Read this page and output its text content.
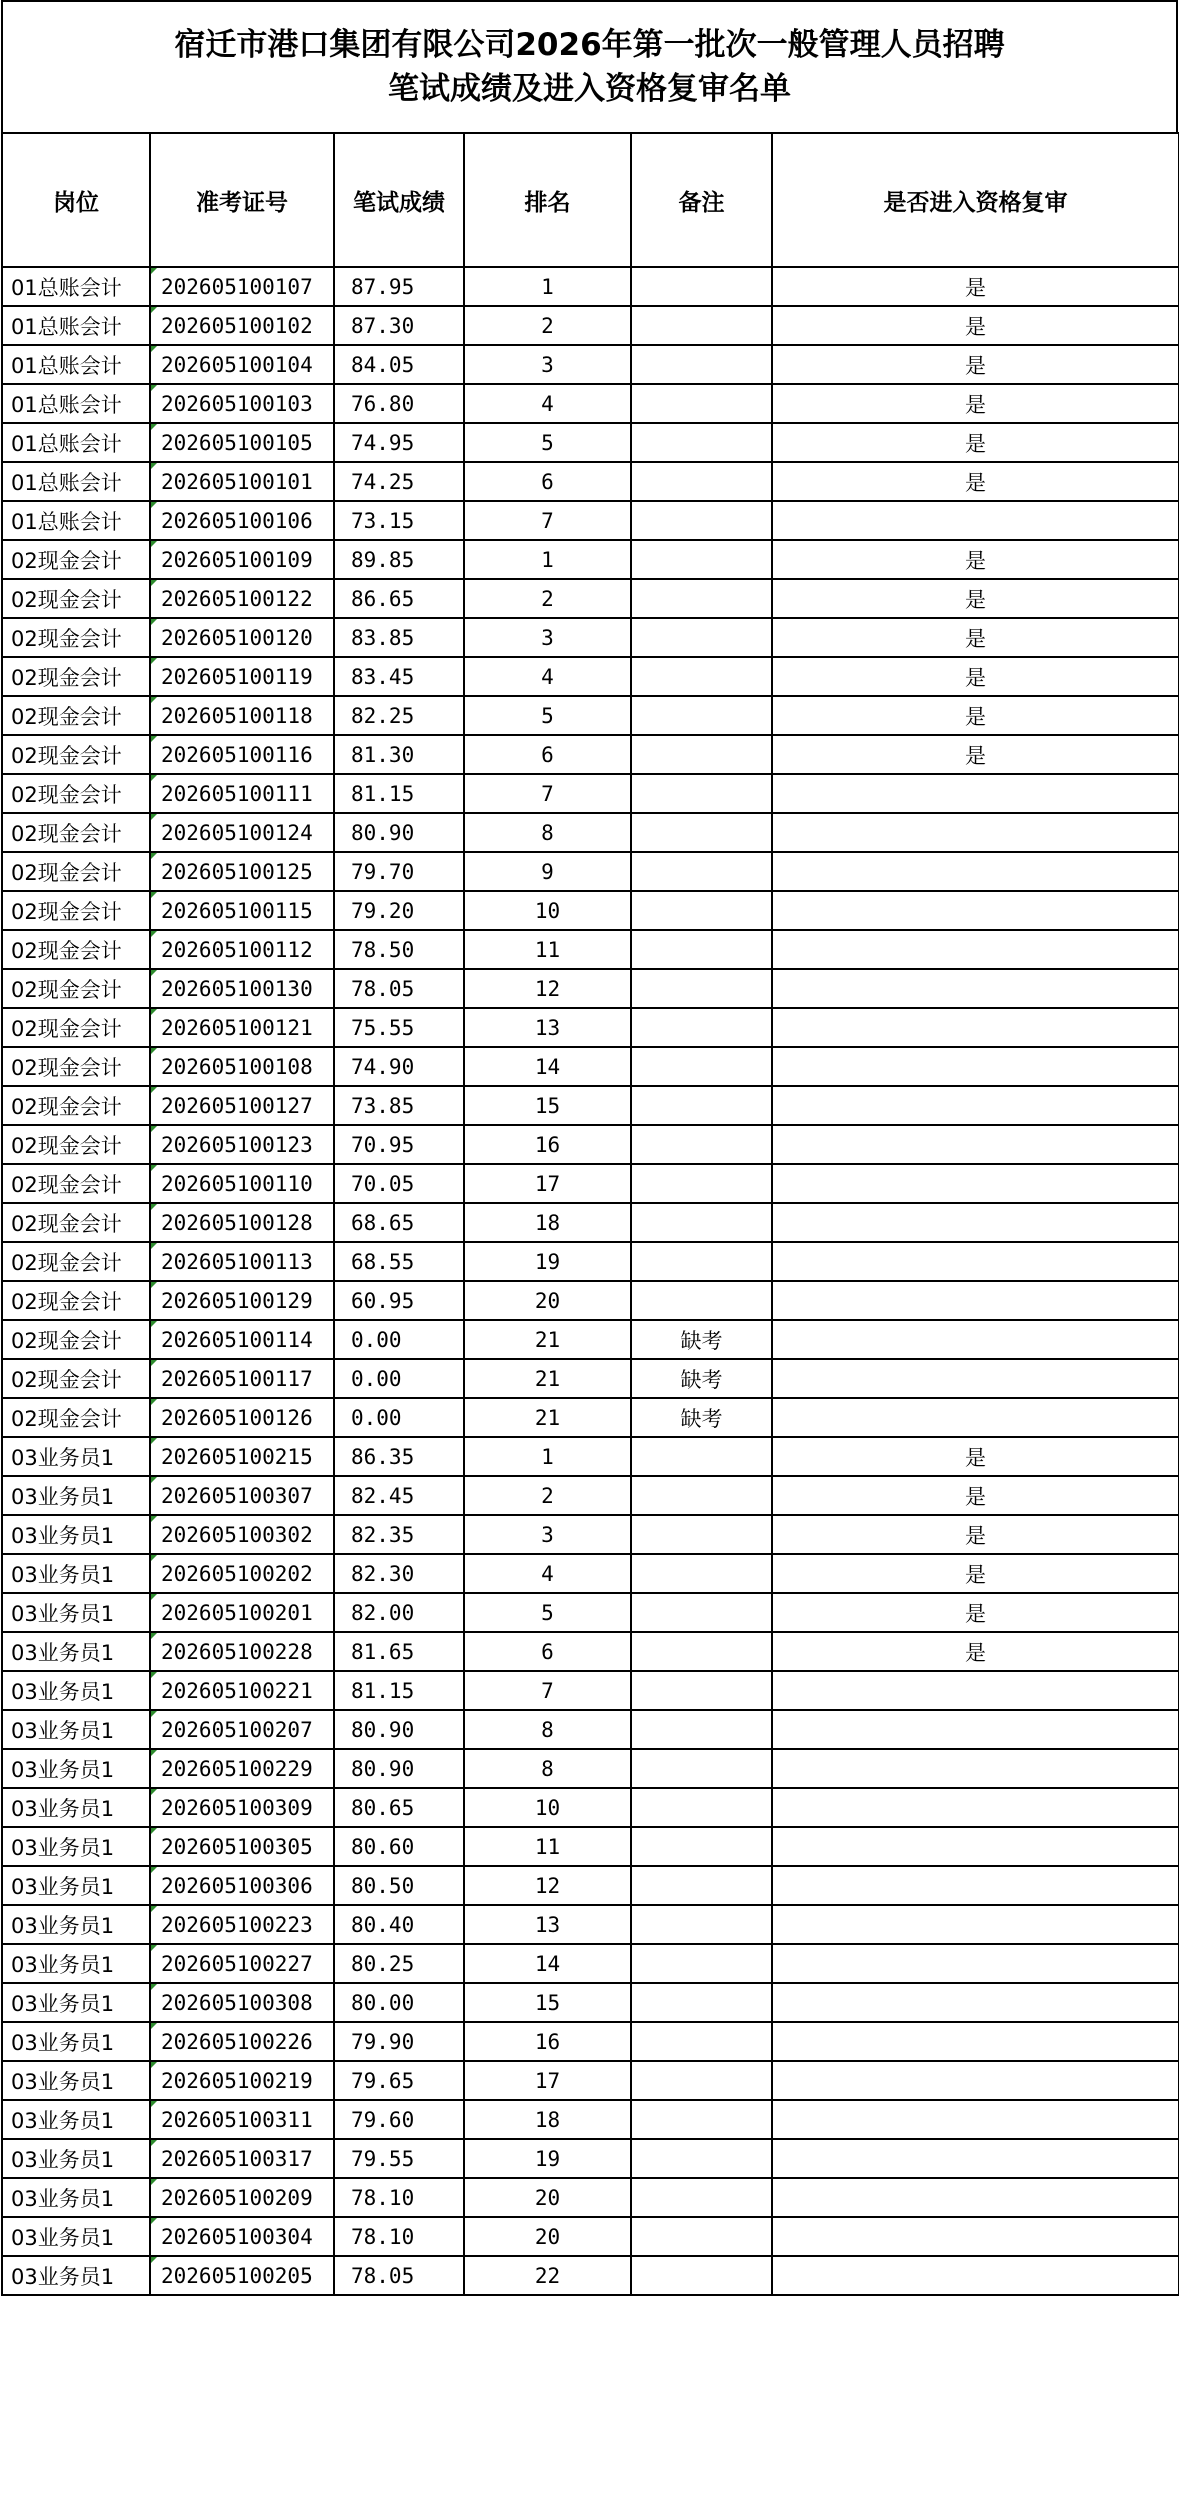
宿迁市港口集团有限公司2026年第一批次一般管理人员招聘
笔试成绩及进入资格复审名单
岗位	准考证号	笔试成绩	排名	备注	是否进入资格复审
01总账会计	202605100107	87.95	1		是
01总账会计	202605100102	87.30	2		是
01总账会计	202605100104	84.05	3		是
01总账会计	202605100103	76.80	4		是
01总账会计	202605100105	74.95	5		是
01总账会计	202605100101	74.25	6		是
01总账会计	202605100106	73.15	7		
02现金会计	202605100109	89.85	1		是
02现金会计	202605100122	86.65	2		是
02现金会计	202605100120	83.85	3		是
02现金会计	202605100119	83.45	4		是
02现金会计	202605100118	82.25	5		是
02现金会计	202605100116	81.30	6		是
02现金会计	202605100111	81.15	7		
02现金会计	202605100124	80.90	8		
02现金会计	202605100125	79.70	9		
02现金会计	202605100115	79.20	10		
02现金会计	202605100112	78.50	11		
02现金会计	202605100130	78.05	12		
02现金会计	202605100121	75.55	13		
02现金会计	202605100108	74.90	14		
02现金会计	202605100127	73.85	15		
02现金会计	202605100123	70.95	16		
02现金会计	202605100110	70.05	17		
02现金会计	202605100128	68.65	18		
02现金会计	202605100113	68.55	19		
02现金会计	202605100129	60.95	20		
02现金会计	202605100114	0.00	21	缺考	
02现金会计	202605100117	0.00	21	缺考	
02现金会计	202605100126	0.00	21	缺考	
03业务员1	202605100215	86.35	1		是
03业务员1	202605100307	82.45	2		是
03业务员1	202605100302	82.35	3		是
03业务员1	202605100202	82.30	4		是
03业务员1	202605100201	82.00	5		是
03业务员1	202605100228	81.65	6		是
03业务员1	202605100221	81.15	7		
03业务员1	202605100207	80.90	8		
03业务员1	202605100229	80.90	8		
03业务员1	202605100309	80.65	10		
03业务员1	202605100305	80.60	11		
03业务员1	202605100306	80.50	12		
03业务员1	202605100223	80.40	13		
03业务员1	202605100227	80.25	14		
03业务员1	202605100308	80.00	15		
03业务员1	202605100226	79.90	16		
03业务员1	202605100219	79.65	17		
03业务员1	202605100311	79.60	18		
03业务员1	202605100317	79.55	19		
03业务员1	202605100209	78.10	20		
03业务员1	202605100304	78.10	20		
03业务员1	202605100205	78.05	22		
